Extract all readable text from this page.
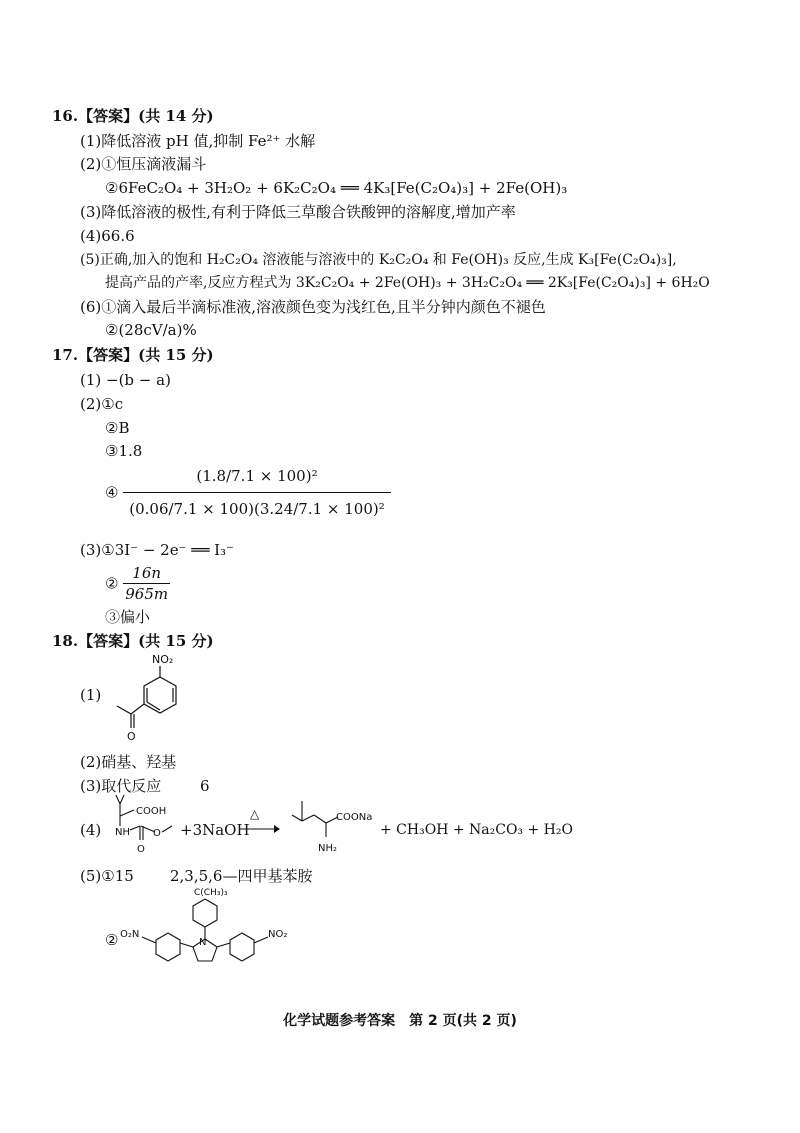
16.【答案】(共 14 分)
(1)降低溶液 pH 值,抑制 Fe²⁺ 水解
(2)①恒压滴液漏斗
②6FeC₂O₄ + 3H₂O₂ + 6K₂C₂O₄ ══ 4K₃[Fe(C₂O₄)₃] + 2Fe(OH)₃
(3)降低溶液的极性,有利于降低三草酸合铁酸钾的溶解度,增加产率
(4)66.6
(5)正确,加入的饱和 H₂C₂O₄ 溶液能与溶液中的 K₂C₂O₄ 和 Fe(OH)₃ 反应,生成 K₃[Fe(C₂O₄)₃],
提高产品的产率,反应方程式为 3K₂C₂O₄ + 2Fe(OH)₃ + 3H₂C₂O₄ ══ 2K₃[Fe(C₂O₄)₃] + 6H₂O
(6)①滴入最后半滴标准液,溶液颜色变为浅红色,且半分钟内颜色不褪色
②(28cV/a)%
17.【答案】(共 15 分)
(1) −(b − a)
(2)①c
②B
③1.8
④ $\frac{\text{(1.8/7.1 × 100)²}}{\text{(0.06/7.1 × 100)(3.24/7.1 × 100)²}}$
(3)①3I⁻ − 2e⁻ ══ I₃⁻
② $\frac{16n}{965m}$
③偏小
18.【答案】(共 15 分)
(1)
NO₂
O
(2)硝基、羟基
(3)取代反应	6
(4)
COOH
NH O
O
+3NaOH
△	COONa
NH₂
+ CH₃OH + Na₂CO₃ + H₂O
(5)①15 2,3,5,6—四甲基苯胺
②
C(CH₃)₃
N
O₂N	NO₂
化学试题参考答案　第 2 页(共 2 页)
